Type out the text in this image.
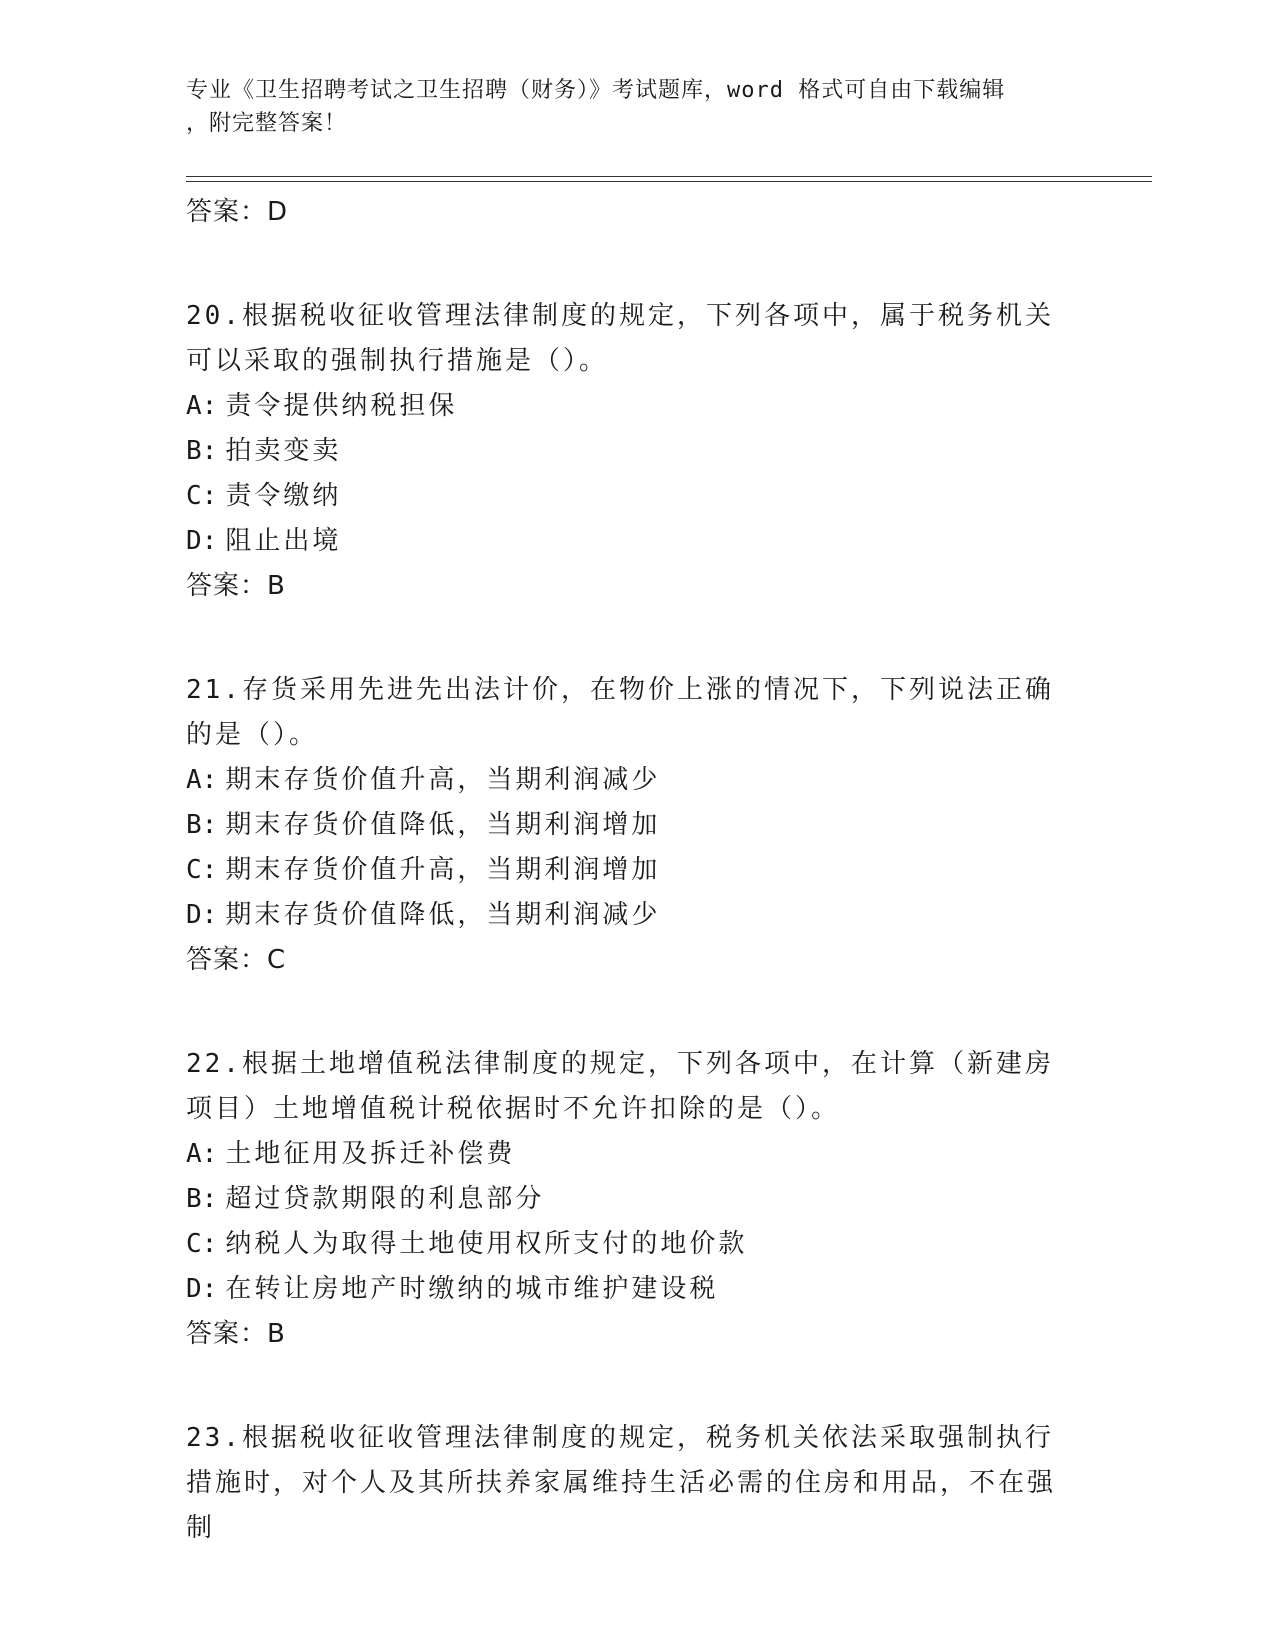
专业《卫生招聘考试之卫生招聘（财务）》考试题库，word 格式可自由下载编辑
，附完整答案！
答案：D
20.根据税收征收管理法律制度的规定，下列各项中，属于税务机关可以采取的强制执行措施是（）。
A: 责令提供纳税担保
B: 拍卖变卖
C: 责令缴纳
D: 阻止出境
答案：B
21.存货采用先进先出法计价，在物价上涨的情况下，下列说法正确的是（）。
A: 期末存货价值升高，当期利润减少
B: 期末存货价值降低，当期利润增加
C: 期末存货价值升高，当期利润增加
D: 期末存货价值降低，当期利润减少
答案：C
22.根据土地增值税法律制度的规定，下列各项中，在计算（新建房项目）土地增值税计税依据时不允许扣除的是（）。
A: 土地征用及拆迁补偿费
B: 超过贷款期限的利息部分
C: 纳税人为取得土地使用权所支付的地价款
D: 在转让房地产时缴纳的城市维护建设税
答案：B
23.根据税收征收管理法律制度的规定，税务机关依法采取强制执行措施时，对个人及其所扶养家属维持生活必需的住房和用品，不在强制
